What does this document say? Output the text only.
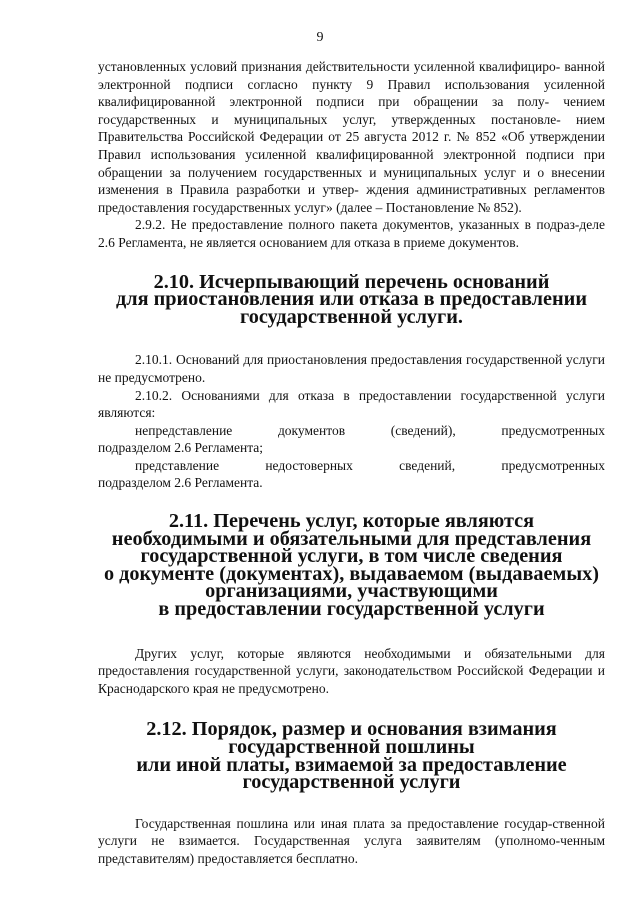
9

установленных условий признания действительности усиленной квалифициро- ванной электронной подписи согласно пункту 9 Правил использования усиленной квалифицированной электронной подписи при обращении за полу- чением государственных и муниципальных услуг, утвержденных постановле- нием Правительства Российской Федерации от 25 августа 2012 г. № 852 «Об утверждении Правил использования усиленной квалифицированной электронной подписи при обращении за получением государственных и муниципальных услуг и о внесении изменения в Правила разработки и утвер- ждения административных регламентов предоставления государственных услуг» (далее – Постановление № 852).

2.9.2. Не предоставление полного пакета документов, указанных в подраз-деле 2.6 Регламента, не является основанием для отказа в приеме документов.

2.10. Исчерпывающий перечень оснований
для приостановления или отказа в предоставлении
государственной услуги.

2.10.1. Оснований для приостановления предоставления государственной услуги не предусмотрено.

2.10.2. Основаниями для отказа в предоставлении государственной услуги являются:

непредставление	документов	(сведений),	предусмотренных

подразделом 2.6 Регламента;

представление	недостоверных	сведений,	предусмотренных

подразделом 2.6 Регламента.

2.11. Перечень услуг, которые являются
необходимыми и обязательными для представления
государственной услуги, в том числе сведения
о документе (документах), выдаваемом (выдаваемых)
организациями, участвующими
в предоставлении государственной услуги

Других услуг, которые являются необходимыми и обязательными для предоставления государственной услуги, законодательством Российской Федерации и Краснодарского края не предусмотрено.

2.12. Порядок, размер и основания взимания
государственной пошлины
или иной платы, взимаемой за предоставление
государственной услуги

Государственная пошлина или иная плата за предоставление государ-ственной услуги не взимается. Государственная услуга заявителям (уполномо-ченным представителям) предоставляется бесплатно.
